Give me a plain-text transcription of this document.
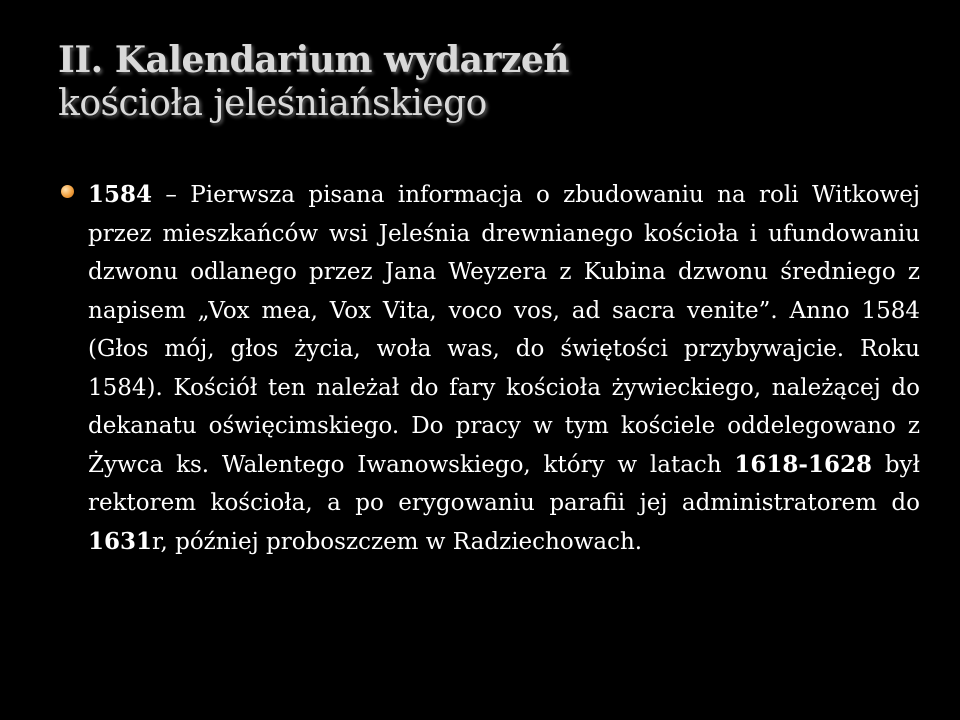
II. Kalendarium wydarzeń
kościoła jeleśniańskiego

1584 – Pierwsza pisana informacja o zbudowaniu na roli Witkowej przez mieszkańców wsi Jeleśnia drewnianego kościoła i ufundowaniu dzwonu odlanego przez Jana Weyzera z Kubina dzwonu średniego z napisem „Vox mea, Vox Vita, voco vos, ad sacra venite”. Anno 1584 (Głos mój, głos życia, woła was, do świętości przybywajcie. Roku 1584). Kościół ten należał do fary kościoła żywieckiego, należącej do dekanatu oświęcimskiego. Do pracy w tym kościele oddelegowano z Żywca ks. Walentego Iwanowskiego, który w latach 1618-1628 był rektorem kościoła, a po erygowaniu parafii jej administratorem do 1631r, później proboszczem w Radziechowach.
